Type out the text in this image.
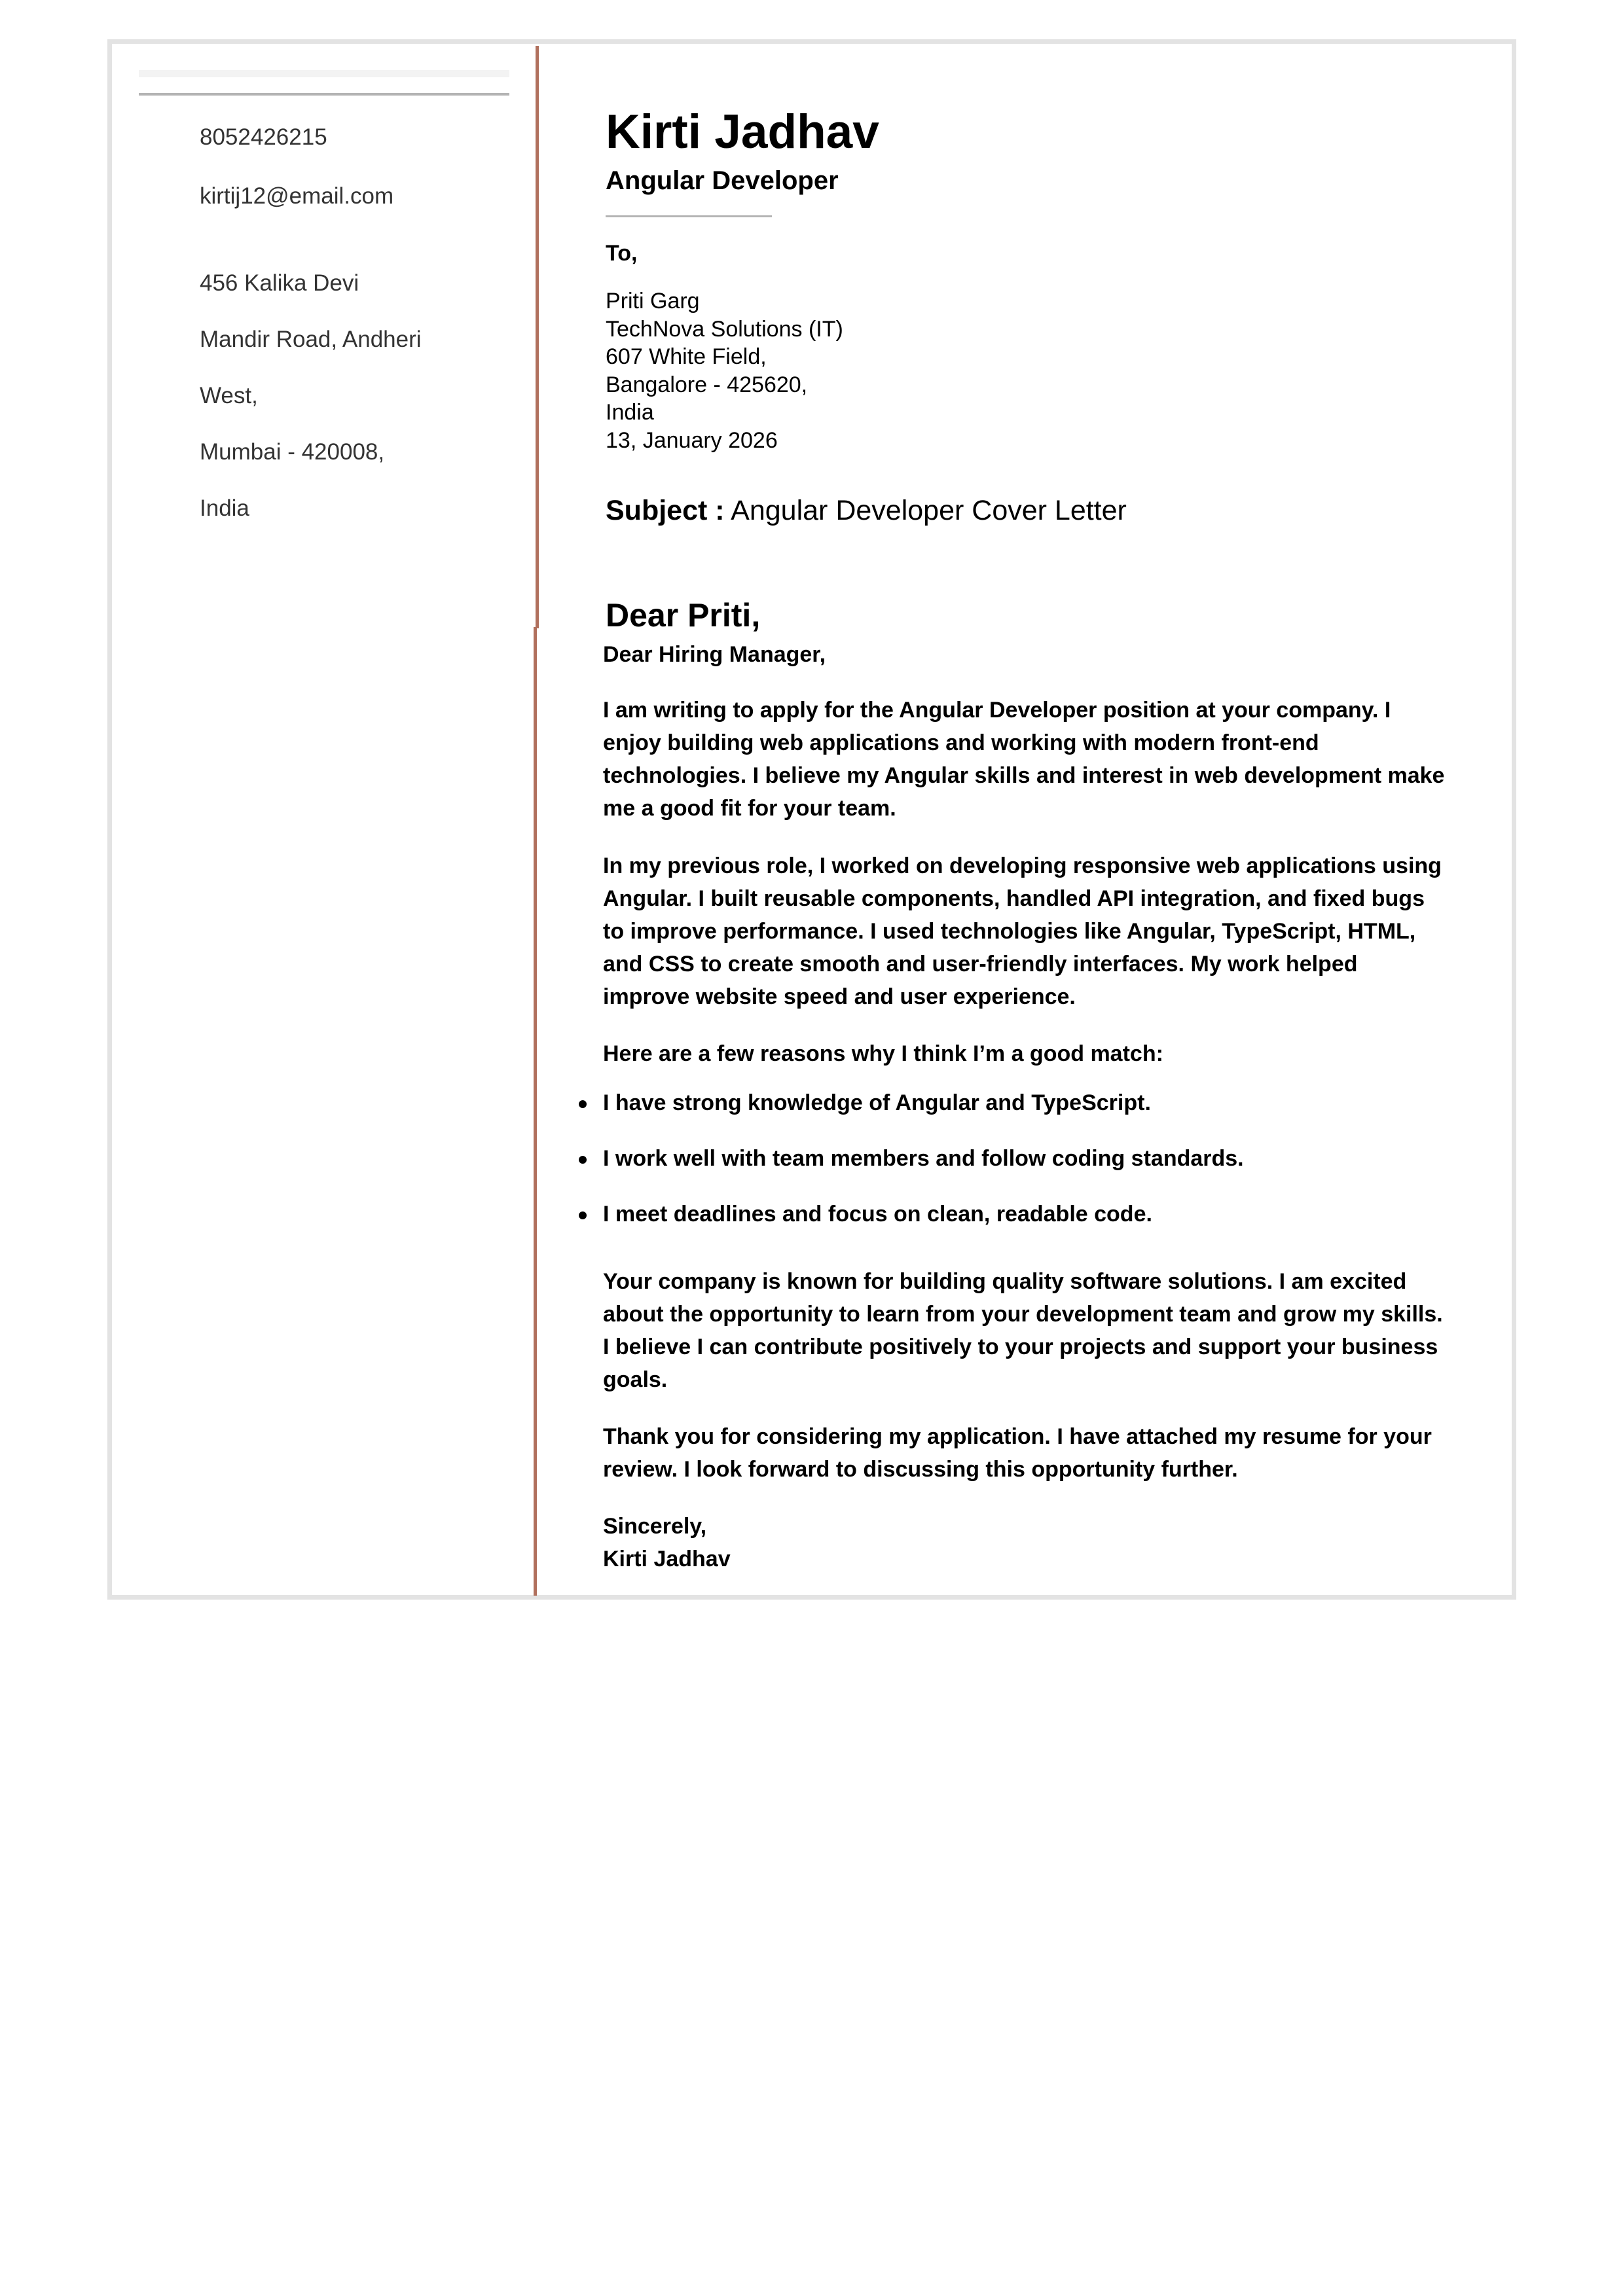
8052426215
kirtij12@email.com

456 Kalika Devi

Mandir Road, Andheri

West,

Mumbai - 420008,

India

Kirti Jadhav
Angular Developer
To,
Priti Garg
TechNova Solutions (IT)
607 White Field,
Bangalore - 425620,
India
13, January 2026
Subject : Angular Developer Cover Letter
Dear Priti,
Dear Hiring Manager,
I am writing to apply for the Angular Developer position at your company. I enjoy building web applications and working with modern front-end technologies. I believe my Angular skills and interest in web development make me a good fit for your team.
In my previous role, I worked on developing responsive web applications using Angular. I built reusable components, handled API integration, and fixed bugs to improve performance. I used technologies like Angular, TypeScript, HTML, and CSS to create smooth and user-friendly interfaces. My work helped improve website speed and user experience.
Here are a few reasons why I think I’m a good match:
I have strong knowledge of Angular and TypeScript.
I work well with team members and follow coding standards.
I meet deadlines and focus on clean, readable code.
Your company is known for building quality software solutions. I am excited about the opportunity to learn from your development team and grow my skills. I believe I can contribute positively to your projects and support your business goals.
Thank you for considering my application. I have attached my resume for your review. I look forward to discussing this opportunity further.
Sincerely,
Kirti Jadhav
